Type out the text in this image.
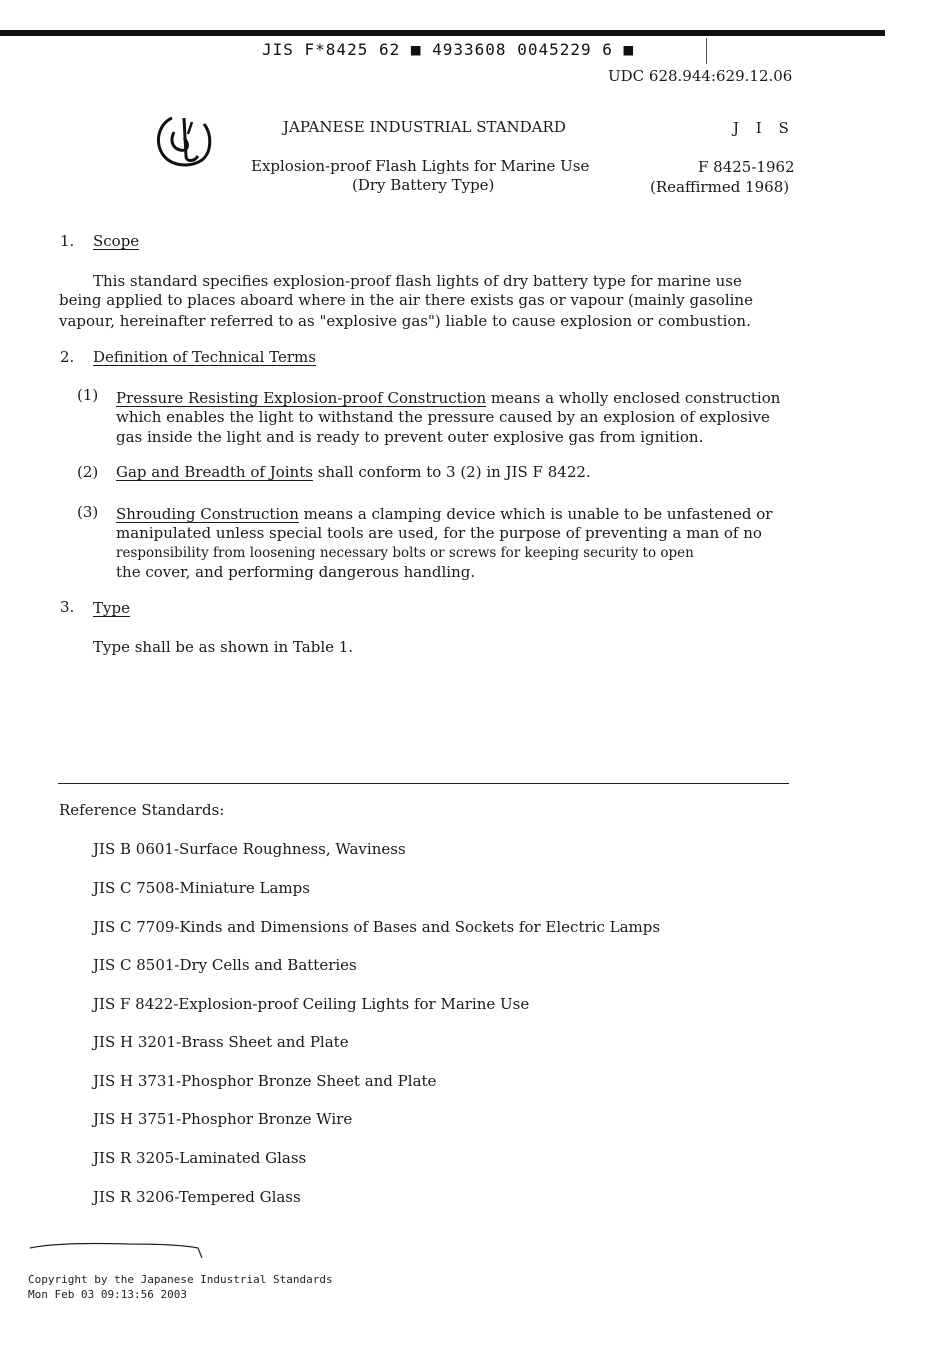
JIS F*8425 62 ■ 4933608 0045229 6 ■
UDC 628.944:629.12.06
JAPANESE INDUSTRIAL STANDARD	J I S
Explosion-proof Flash Lights for Marine Use	F 8425-1962
(Dry Battery Type)	(Reaffirmed 1968)
1. Scope
This standard specifies explosion-proof flash lights of dry battery type for marine use
being applied to places aboard where in the air there exists gas or vapour (mainly gasoline
vapour, hereinafter referred to as "explosive gas") liable to cause explosion or combustion.
2. Definition of Technical Terms
(1) Pressure Resisting Explosion-proof Construction means a wholly enclosed construction
which enables the light to withstand the pressure caused by an explosion of explosive
gas inside the light and is ready to prevent outer explosive gas from ignition.
(2) Gap and Breadth of Joints shall conform to 3 (2) in JIS F 8422.
(3) Shrouding Construction means a clamping device which is unable to be unfastened or
manipulated unless special tools are used, for the purpose of preventing a man of no
responsibility from loosening necessary bolts or screws for keeping security to open
the cover, and performing dangerous handling.
3. Type
Type shall be as shown in Table 1.
Reference Standards:
JIS B 0601-Surface Roughness, Waviness
JIS C 7508-Miniature Lamps
JIS C 7709-Kinds and Dimensions of Bases and Sockets for Electric Lamps
JIS C 8501-Dry Cells and Batteries
JIS F 8422-Explosion-proof Ceiling Lights for Marine Use
JIS H 3201-Brass Sheet and Plate
JIS H 3731-Phosphor Bronze Sheet and Plate
JIS H 3751-Phosphor Bronze Wire
JIS R 3205-Laminated Glass
JIS R 3206-Tempered Glass
Copyright by the Japanese Industrial Standards
Mon Feb 03 09:13:56 2003
